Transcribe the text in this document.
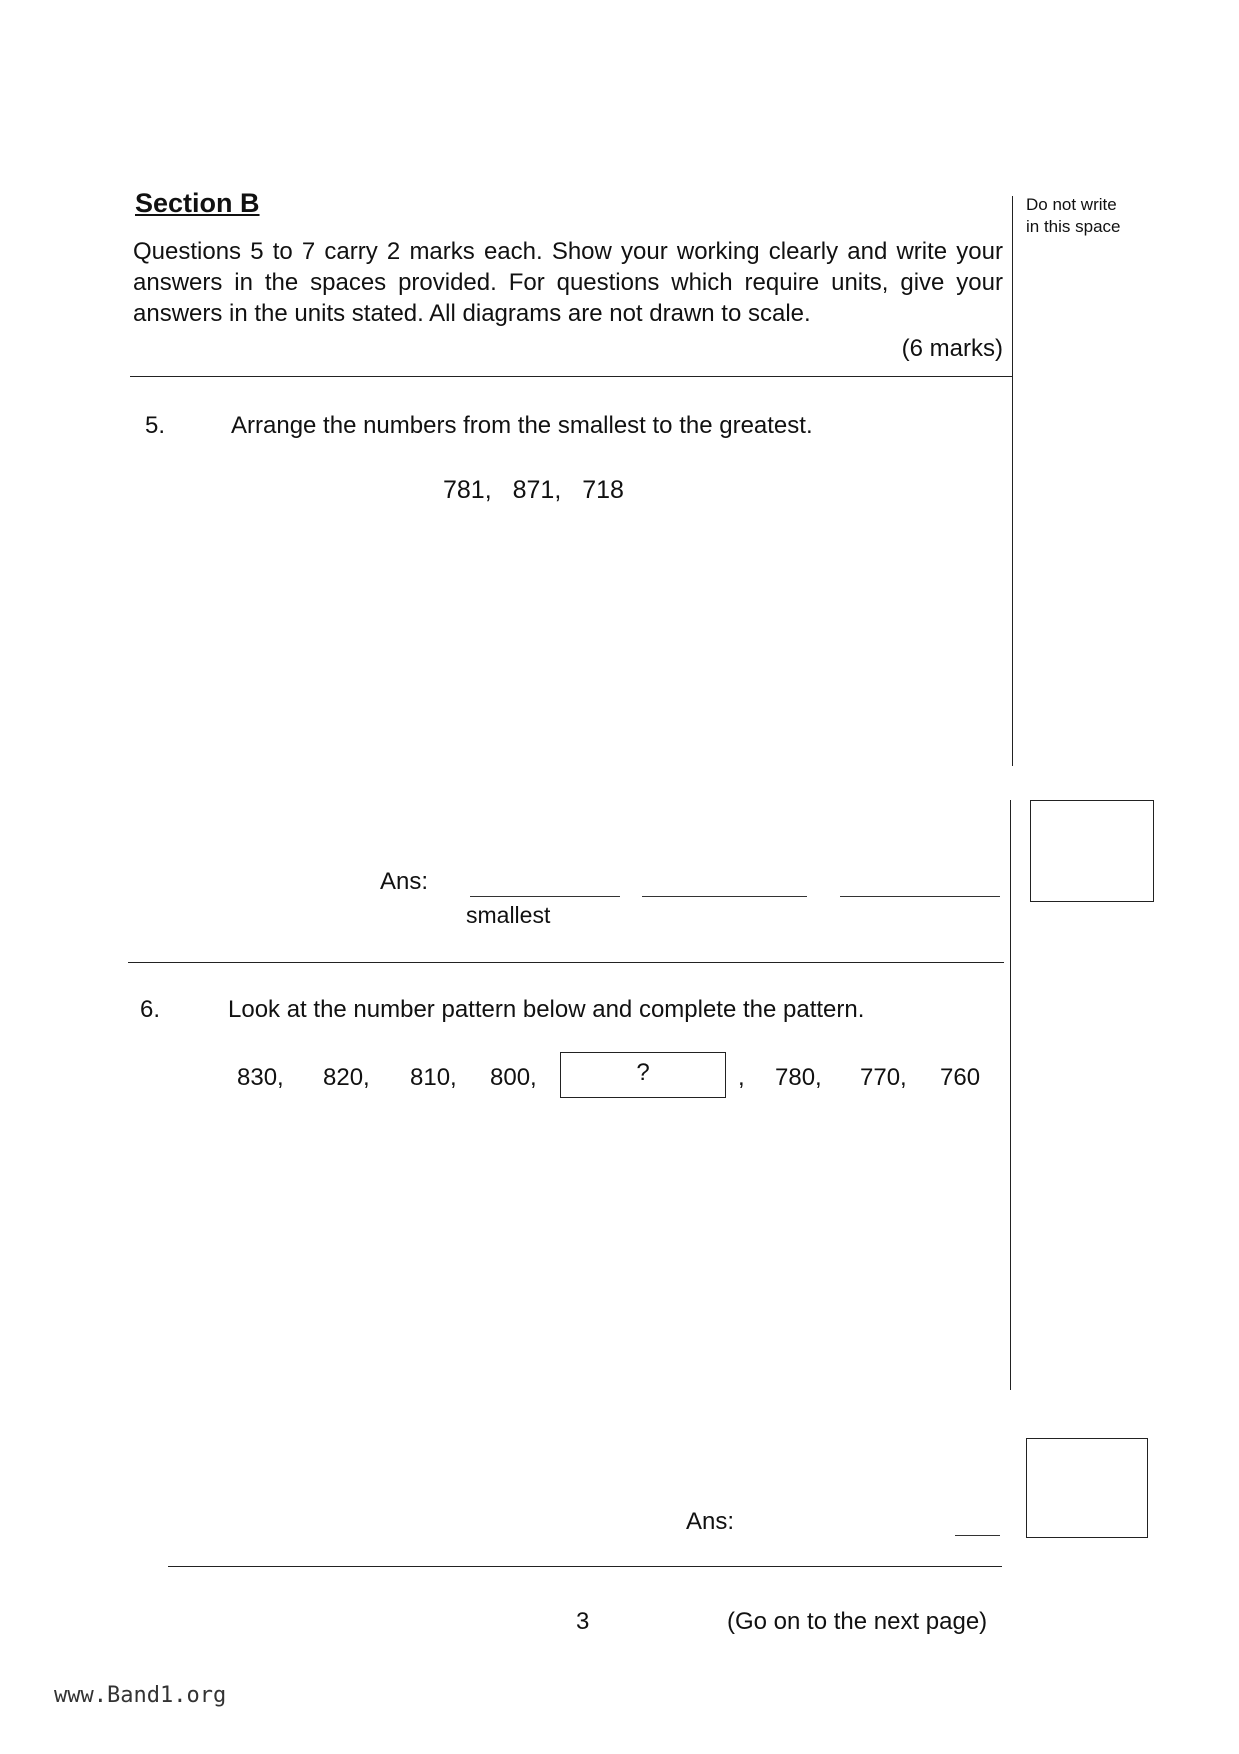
Section B	Do not write
in this space
Questions 5 to 7 carry 2 marks each. Show your working clearly and write your answers in the spaces provided. For questions which require units, give your answers in the units stated. All diagrams are not drawn to scale.
(6 marks)
5.	Arrange the numbers from the smallest to the greatest.
781, 871, 718
Ans:
smallest
6.	Look at the number pattern below and complete the pattern.
830, 820, 810, 800,	?	, 780, 770, 760
Ans:
3	(Go on to the next page)
www.Band1.org
